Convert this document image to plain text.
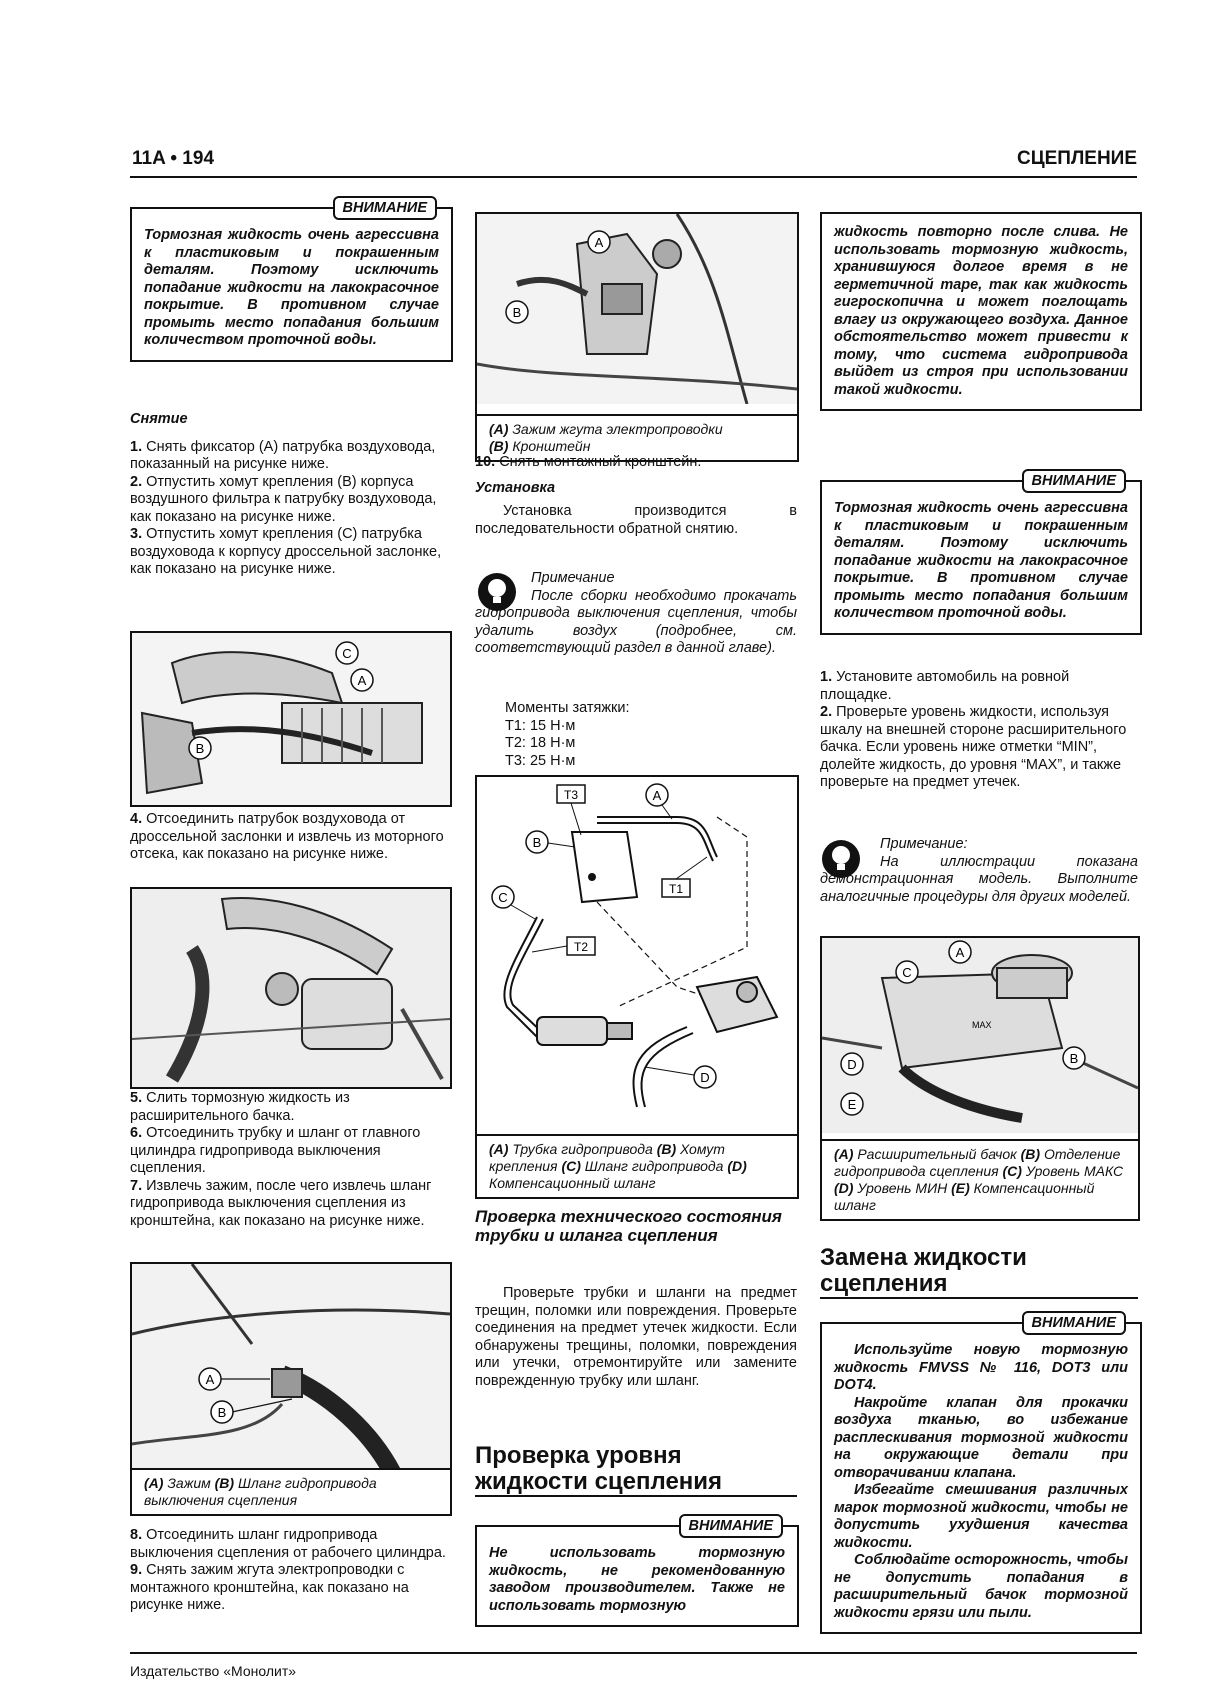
11A • 194	СЦЕПЛЕНИЕ
ВНИМАНИЕ

Тормозная жидкость очень агрессивна к пластиковым и покрашенным деталям. Поэтому исключить попадание жидкости на лакокрасочное покрытие. В противном случае промыть место попадания большим количеством проточной воды.

Снятие

1. Снять фиксатор (А) патрубка воздуховода, показанный на рисунке ниже.

2. Отпустить хомут крепления (В) корпуса воздушного фильтра к патрубку воздуховода, как показано на рисунке ниже.

3. Отпустить хомут крепления (С) патрубка воздуховода к корпусу дроссельной заслонке, как показано на рисунке ниже.

C
A
B

4. Отсоединить патрубок воздуховода от дроссельной заслонки и извлечь из моторного отсека, как показано на рисунке ниже.

5. Слить тормозную жидкость из расширительного бачка.

6. Отсоединить трубку и шланг от главного цилиндра гидропривода выключения сцепления.

7. Извлечь зажим, после чего извлечь шланг гидропривода выключения сцепления из кронштейна, как показано на рисунке ниже.

A
B
(A) Зажим (B) Шланг гидропривода выключения сцепления

8. Отсоединить шланг гидропривода выключения сцепления от рабочего цилиндра.

9. Снять зажим жгута электропроводки с монтажного кронштейна, как показано на рисунке ниже.

A
B
(A) Зажим жгута электропроводки
(B) Кронштейн

10. Снять монтажный кронштейн.

Установка

Установка производится в последовательности обратной снятию.

Примечание

После сборки необходимо прокачать гидропривода выключения сцепления, чтобы удалить воздух (подробнее, см. соответствующий раздел в данной главе).

Моменты затяжки:

T1: 15 Н·м

T2: 18 Н·м

T3: 25 Н·м

T3	A
B
T1
C
T2
D
(A) Трубка гидропривода (B) Хомут крепления (C) Шланг гидропривода (D) Компенсационный шланг
Проверка технического состояния трубки и шланга сцепления

Проверьте трубки и шланги на предмет трещин, поломки или повреждения. Проверьте соединения на предмет утечек жидкости. Если обнаружены трещины, поломки, повреждения или утечки, отремонтируйте или замените поврежденную трубку или шланг.

Проверка уровня жидкости сцепления
ВНИМАНИЕ

Не использовать тормозную жидкость, не рекомендованную заводом производителем. Также не использовать тормозную

жидкость повторно после слива. Не использовать тормозную жидкость, хранившуюся долгое время в не герметичной таре, так как жидкость гигроскопична и может поглощать влагу из окружающего воздуха. Данное обстоятельство может привести к тому, что система гидропривода выйдет из строя при использовании такой жидкости.

ВНИМАНИЕ

Тормозная жидкость очень агрессивна к пластиковым и покрашенным деталям. Поэтому исключить попадание жидкости на лакокрасочное покрытие. В противном случае промыть место попадания большим количеством проточной воды.

1. Установите автомобиль на ровной площадке.

2. Проверьте уровень жидкости, используя шкалу на внешней стороне расширительного бачка. Если уровень ниже отметки “MIN”, долейте жидкость, до уровня “MAX”, и также проверьте на предмет утечек.

Примечание:

На иллюстрации показана демонстрационная модель. Выполните аналогичные процедуры для других моделей.

MAX
A
C
B
D
E
(A) Расширительный бачок (B) Отделение гидропривода сцепления (C) Уровень МАКС (D) Уровень МИН (E) Компенсационный шланг
Замена жидкости сцепления
ВНИМАНИЕ

Используйте новую тормозную жидкость FMVSS № 116, DOT3 или DOT4.

Накройте клапан для прокачки воздуха тканью, во избежание расплескивания тормозной жидкости на окружающие детали при отворачивании клапана.

Избегайте смешивания различных марок тормозной жидкости, чтобы не допустить ухудшения качества жидкости.

Соблюдайте осторожность, чтобы не допустить попадания в расширительный бачок тормозной жидкости грязи или пыли.

Издательство «Монолит»
